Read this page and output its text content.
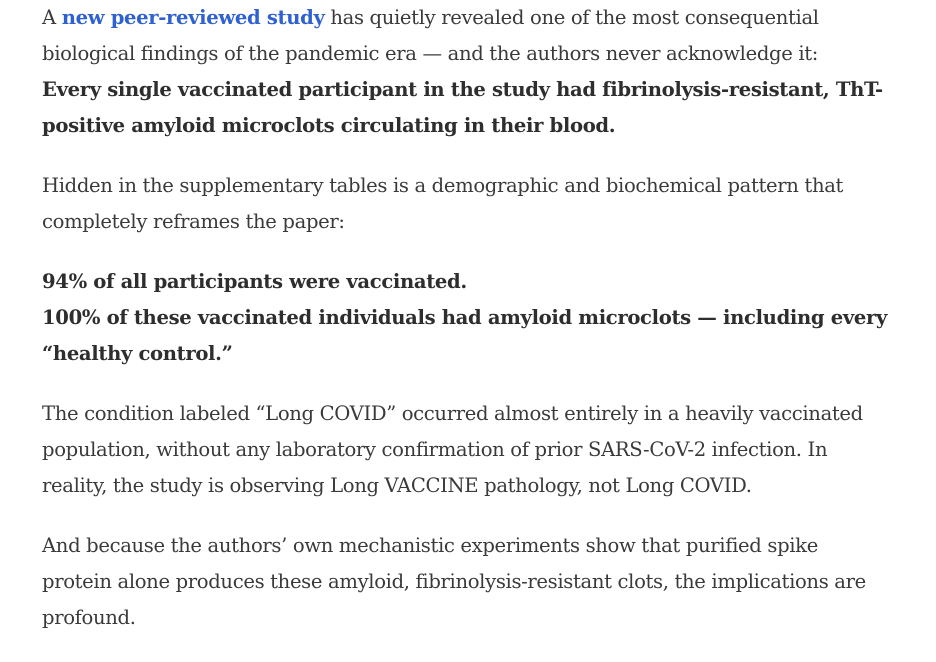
A new peer-reviewed study has quietly revealed one of the most consequential
biological findings of the pandemic era — and the authors never acknowledge it:
Every single vaccinated participant in the study had fibrinolysis-resistant, ThT-
positive amyloid microclots circulating in their blood.

Hidden in the supplementary tables is a demographic and biochemical pattern that
completely reframes the paper:

94% of all participants were vaccinated.
100% of these vaccinated individuals had amyloid microclots — including every
“healthy control.”

The condition labeled “Long COVID” occurred almost entirely in a heavily vaccinated
population, without any laboratory confirmation of prior SARS-CoV-2 infection. In
reality, the study is observing Long VACCINE pathology, not Long COVID.

And because the authors’ own mechanistic experiments show that purified spike
protein alone produces these amyloid, fibrinolysis-resistant clots, the implications are
profound.
